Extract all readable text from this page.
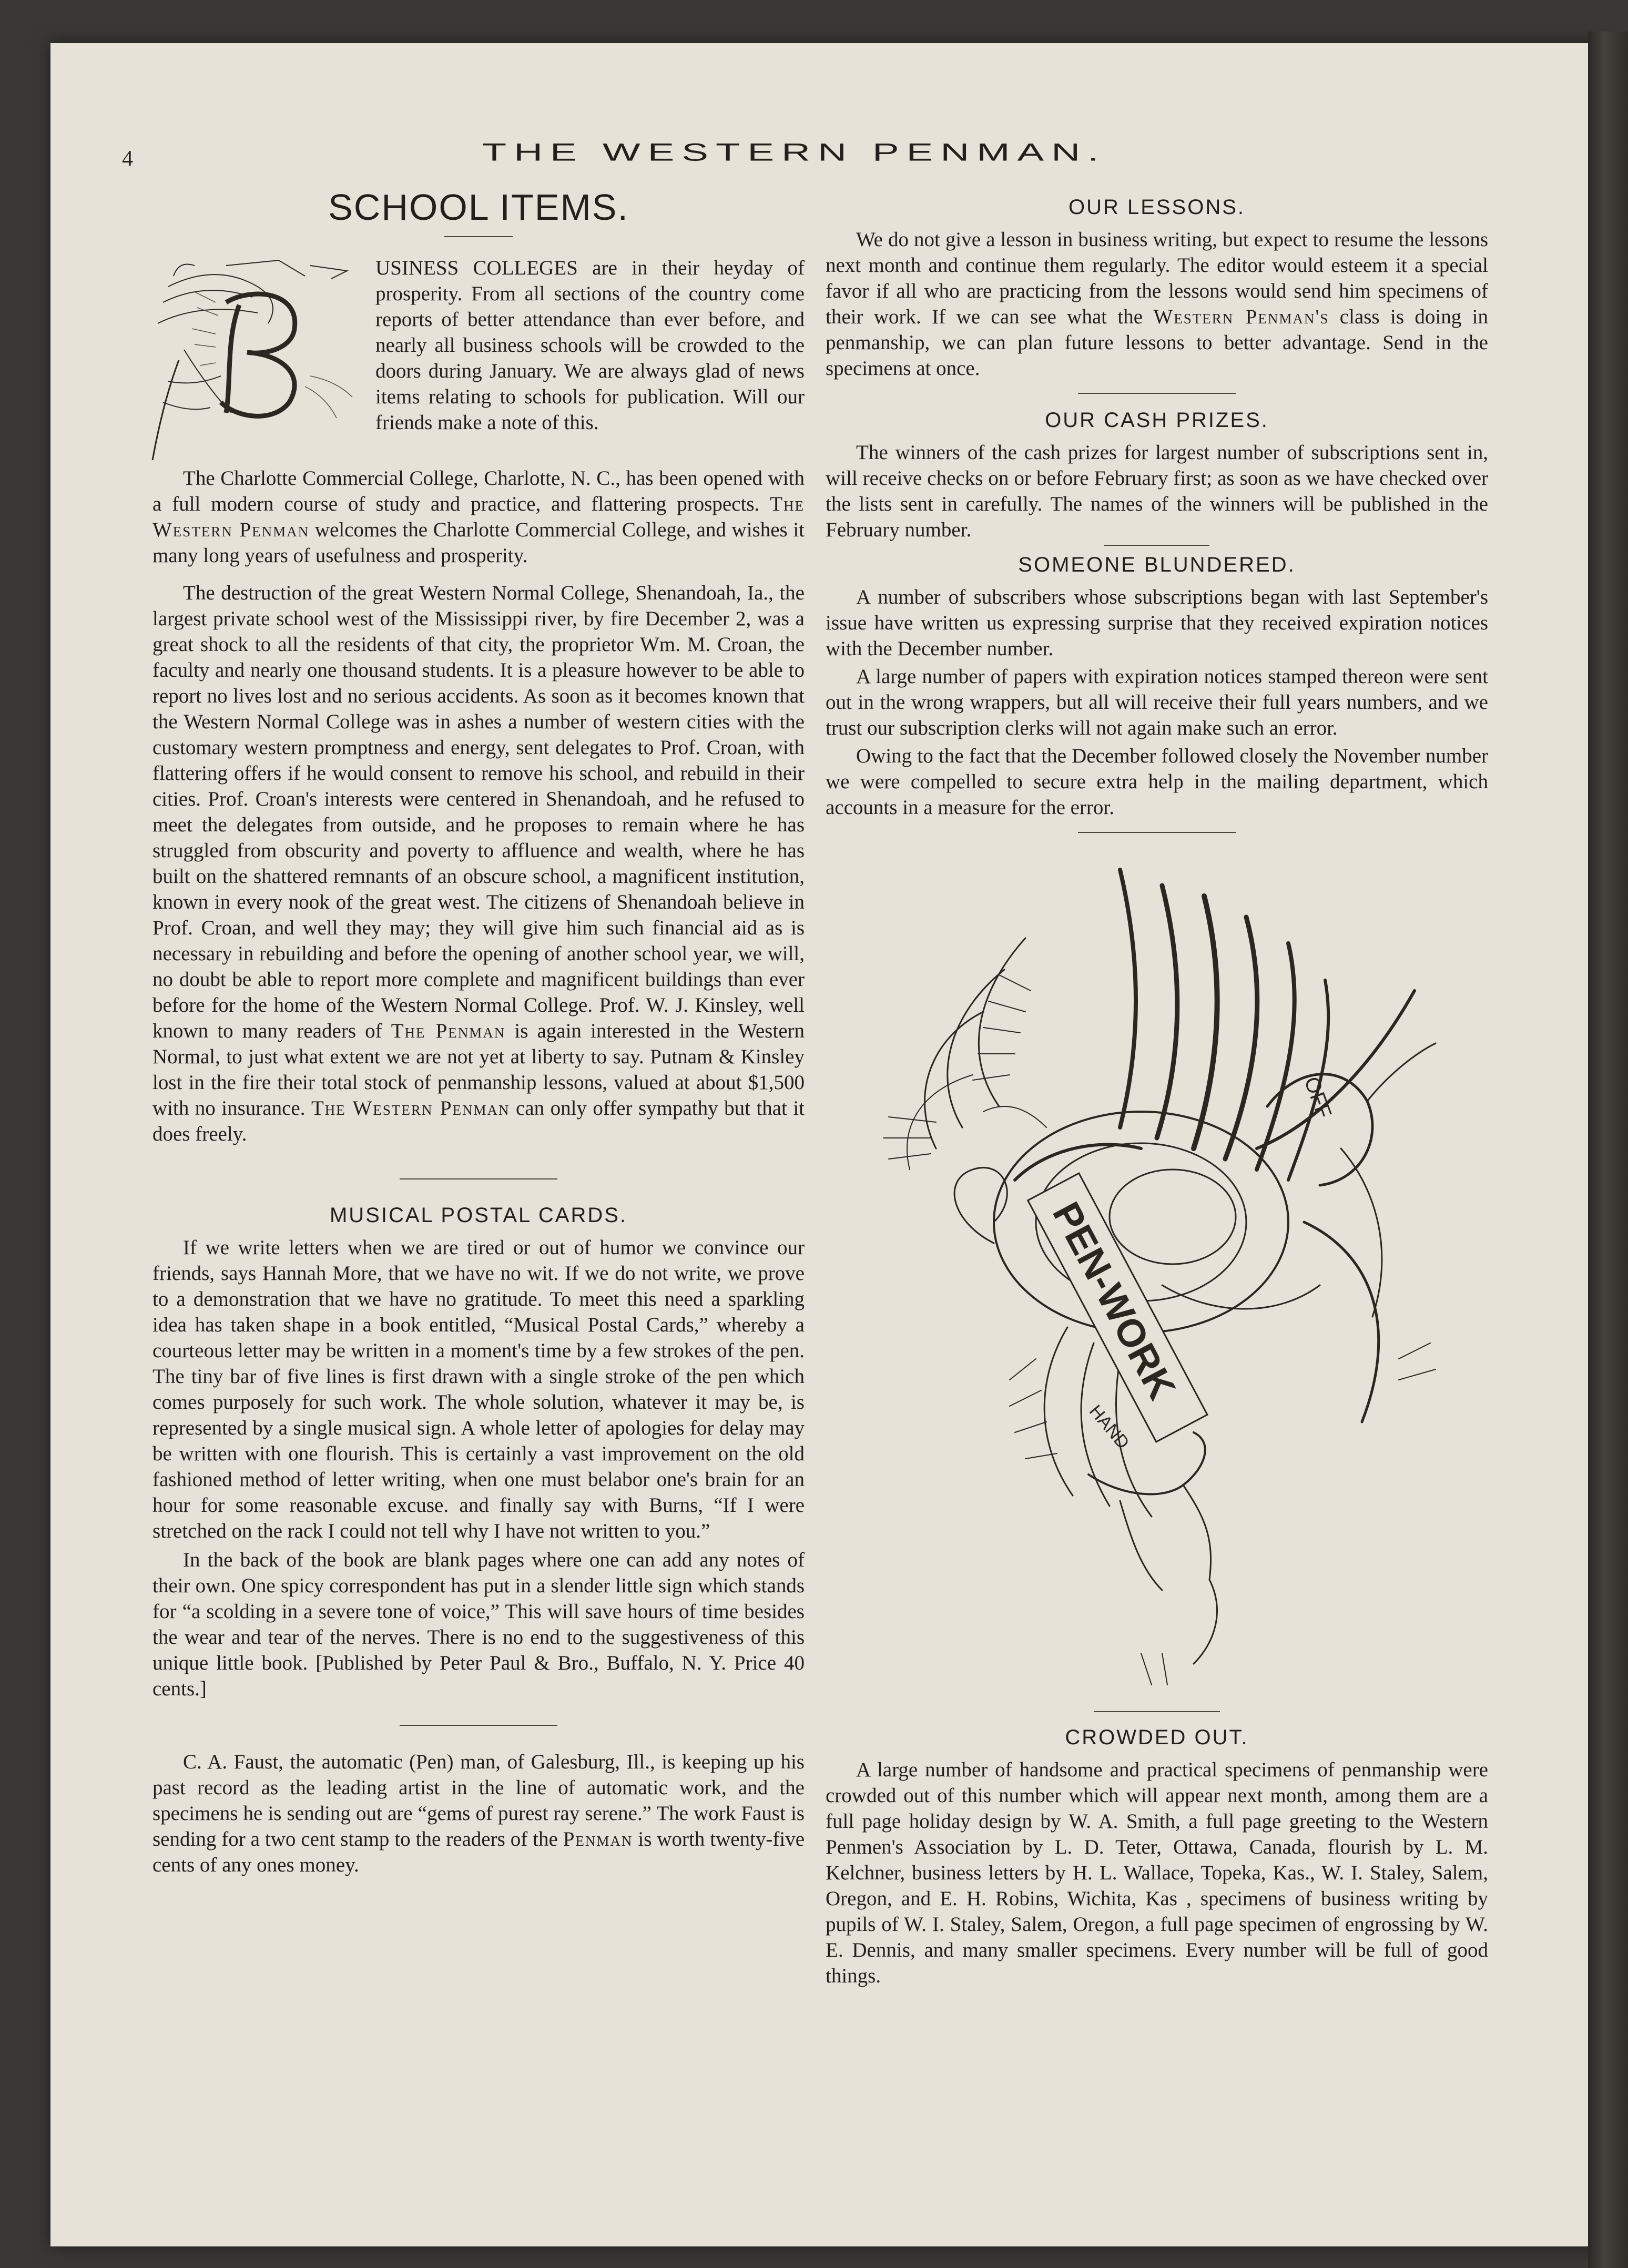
4	THE WESTERN PENMAN.
SCHOOL ITEMS.

USINESS COLLEGES are in their heyday of prosperity. From all sections of the country come reports of better attendance than ever before, and nearly all business schools will be crowded to the doors during January. We are always glad of news items relating to schools for publication. Will our friends make a note of this.

The Charlotte Commercial College, Charlotte, N. C., has been opened with a full modern course of study and practice, and flattering prospects. The Western Penman welcomes the Charlotte Commercial College, and wishes it many long years of usefulness and prosperity.

The destruction of the great Western Normal College, Shenandoah, Ia., the largest private school west of the Mississippi river, by fire December 2, was a great shock to all the residents of that city, the proprietor Wm. M. Croan, the faculty and nearly one thousand students. It is a pleasure however to be able to report no lives lost and no serious accidents. As soon as it becomes known that the Western Normal College was in ashes a number of western cities with the customary western promptness and energy, sent delegates to Prof. Croan, with flattering offers if he would consent to remove his school, and rebuild in their cities. Prof. Croan's interests were centered in Shenandoah, and he refused to meet the delegates from outside, and he proposes to remain where he has struggled from obscurity and poverty to affluence and wealth, where he has built on the shattered remnants of an obscure school, a magnificent institution, known in every nook of the great west. The citizens of Shenandoah believe in Prof. Croan, and well they may; they will give him such financial aid as is necessary in rebuilding and before the opening of another school year, we will, no doubt be able to report more complete and magnificent buildings than ever before for the home of the Western Normal College. Prof. W. J. Kinsley, well known to many readers of The Penman is again interested in the Western Normal, to just what extent we are not yet at liberty to say. Putnam & Kinsley lost in the fire their total stock of penmanship lessons, valued at about $1,500 with no insurance. The Western Penman can only offer sympathy but that it does freely.

MUSICAL POSTAL CARDS.

If we write letters when we are tired or out of humor we convince our friends, says Hannah More, that we have no wit. If we do not write, we prove to a demonstration that we have no gratitude. To meet this need a sparkling idea has taken shape in a book entitled, “Musical Postal Cards,” whereby a courteous letter may be written in a moment's time by a few strokes of the pen. The tiny bar of five lines is first drawn with a single stroke of the pen which comes purposely for such work. The whole solution, whatever it may be, is represented by a single musical sign. A whole letter of apologies for delay may be written with one flourish. This is certainly a vast improvement on the old fashioned method of letter writing, when one must belabor one's brain for an hour for some reasonable excuse. and finally say with Burns, “If I were stretched on the rack I could not tell why I have not written to you.”

In the back of the book are blank pages where one can add any notes of their own. One spicy correspondent has put in a slender little sign which stands for “a scolding in a severe tone of voice,” This will save hours of time besides the wear and tear of the nerves. There is no end to the suggestiveness of this unique little book. [Published by Peter Paul & Bro., Buffalo, N. Y. Price 40 cents.]

C. A. Faust, the automatic (Pen) man, of Galesburg, Ill., is keeping up his past record as the leading artist in the line of automatic work, and the specimens he is sending out are “gems of purest ray serene.” The work Faust is sending for a two cent stamp to the readers of the Penman is worth twenty-five cents of any ones money.

OUR LESSONS.

We do not give a lesson in business writing, but expect to resume the lessons next month and continue them regularly. The editor would esteem it a special favor if all who are practicing from the lessons would send him specimens of their work. If we can see what the Western Penman's class is doing in penmanship, we can plan future lessons to better advantage. Send in the specimens at once.

OUR CASH PRIZES.

The winners of the cash prizes for largest number of subscriptions sent in, will receive checks on or before February first; as soon as we have checked over the lists sent in carefully. The names of the winners will be published in the February number.

SOMEONE BLUNDERED.

A number of subscribers whose subscriptions began with last September's issue have written us expressing surprise that they received expiration notices with the December number.

A large number of papers with expiration notices stamped thereon were sent out in the wrong wrappers, but all will receive their full years numbers, and we trust our subscription clerks will not again make such an error.

Owing to the fact that the December followed closely the November number we were compelled to secure extra help in the mailing department, which accounts in a measure for the error.

PEN-WORK
OFF
HAND
CROWDED OUT.

A large number of handsome and practical specimens of penmanship were crowded out of this number which will appear next month, among them are a full page holiday design by W. A. Smith, a full page greeting to the Western Penmen's Association by L. D. Teter, Ottawa, Canada, flourish by L. M. Kelchner, business letters by H. L. Wallace, Topeka, Kas., W. I. Staley, Salem, Oregon, and E. H. Robins, Wichita, Kas , specimens of business writing by pupils of W. I. Staley, Salem, Oregon, a full page specimen of engrossing by W. E. Dennis, and many smaller specimens. Every number will be full of good things.
